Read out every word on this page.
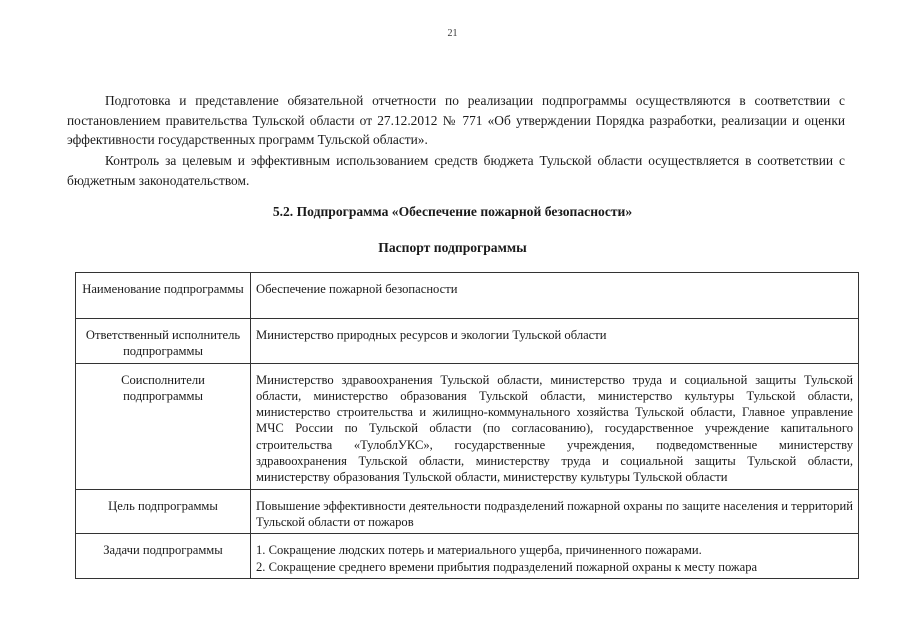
21

Подготовка и представление обязательной отчетности по реализации подпрограммы осуществляются в соответствии с постановлением правительства Тульской области от 27.12.2012 № 771 «Об утверждении Порядка разработки, реализации и оценки эффективности государственных программ Тульской области».

Контроль за целевым и эффективным использованием средств бюджета Тульской области осуществляется в соответствии с бюджетным законодательством.

5.2. Подпрограмма «Обеспечение пожарной безопасности»
Паспорт подпрограммы
Наименование подпрограммы	Обеспечение пожарной безопасности
Ответственный исполнитель подпрограммы	Министерство природных ресурсов и экологии Тульской области
Соисполнители подпрограммы	Министерство здравоохранения Тульской области, министерство труда и социальной защиты Тульской области, министерство образования Тульской области, министерство культуры Тульской области, министерство строительства и жилищно-коммунального хозяйства Тульской области, Главное управление МЧС России по Тульской области (по согласованию), государственное учреждение капитального строительства «ТулоблУКС», государственные учреждения, подведомственные министерству здравоохранения Тульской области, министерству труда и социальной защиты Тульской области, министерству образования Тульской области, министерству культуры Тульской области
Цель подпрограммы	Повышение эффективности деятельности подразделений пожарной охраны по защите населения и территорий Тульской области от пожаров
Задачи подпрограммы	1. Сокращение людских потерь и материального ущерба, причиненного пожарами.
2. Сокращение среднего времени прибытия подразделений пожарной охраны к месту пожара
